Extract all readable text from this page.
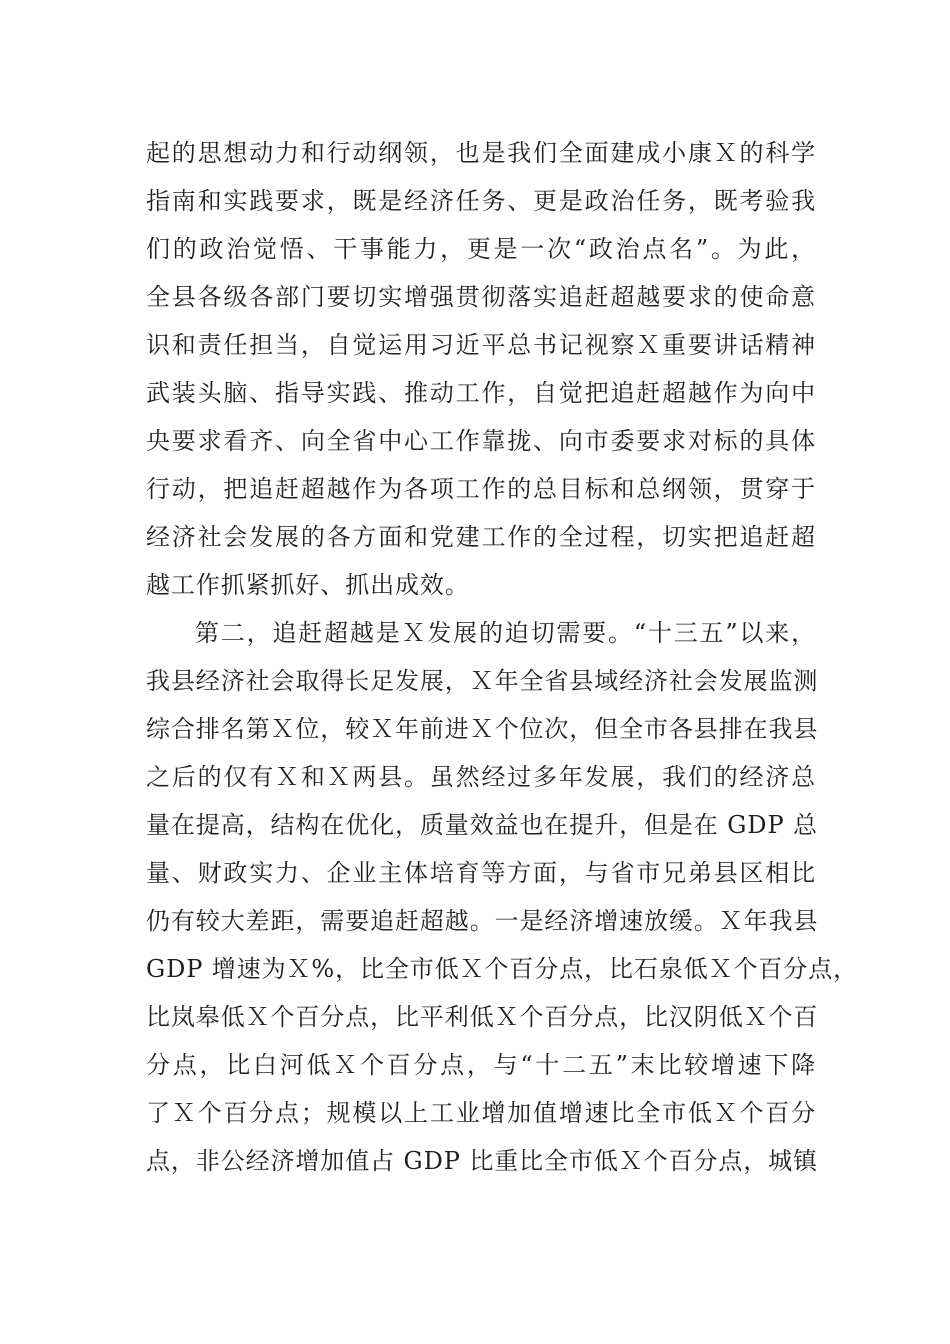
起的思想动力和行动纲领，也是我们全面建成小康Ｘ的科学
指南和实践要求，既是经济任务、更是政治任务，既考验我
们的政治觉悟、干事能力，更是一次“政治点名”。为此，
全县各级各部门要切实增强贯彻落实追赶超越要求的使命意
识和责任担当，自觉运用习近平总书记视察Ｘ重要讲话精神
武装头脑、指导实践、推动工作，自觉把追赶超越作为向中
央要求看齐、向全省中心工作靠拢、向市委要求对标的具体
行动，把追赶超越作为各项工作的总目标和总纲领，贯穿于
经济社会发展的各方面和党建工作的全过程，切实把追赶超
越工作抓紧抓好、抓出成效。
第二，追赶超越是Ｘ发展的迫切需要。“十三五”以来，
我县经济社会取得长足发展，Ｘ年全省县域经济社会发展监测
综合排名第Ｘ位，较Ｘ年前进Ｘ个位次，但全市各县排在我县
之后的仅有Ｘ和Ｘ两县。虽然经过多年发展，我们的经济总
量在提高，结构在优化，质量效益也在提升，但是在 GDP 总
量、财政实力、企业主体培育等方面，与省市兄弟县区相比
仍有较大差距，需要追赶超越。一是经济增速放缓。Ｘ年我县
GDP 增速为Ｘ%，比全市低Ｘ个百分点，比石泉低Ｘ个百分点，
比岚皋低Ｘ个百分点，比平利低Ｘ个百分点，比汉阴低Ｘ个百
分点，比白河低Ｘ个百分点，与“十二五”末比较增速下降
了Ｘ个百分点；规模以上工业增加值增速比全市低Ｘ个百分
点，非公经济增加值占 GDP 比重比全市低Ｘ个百分点，城镇
